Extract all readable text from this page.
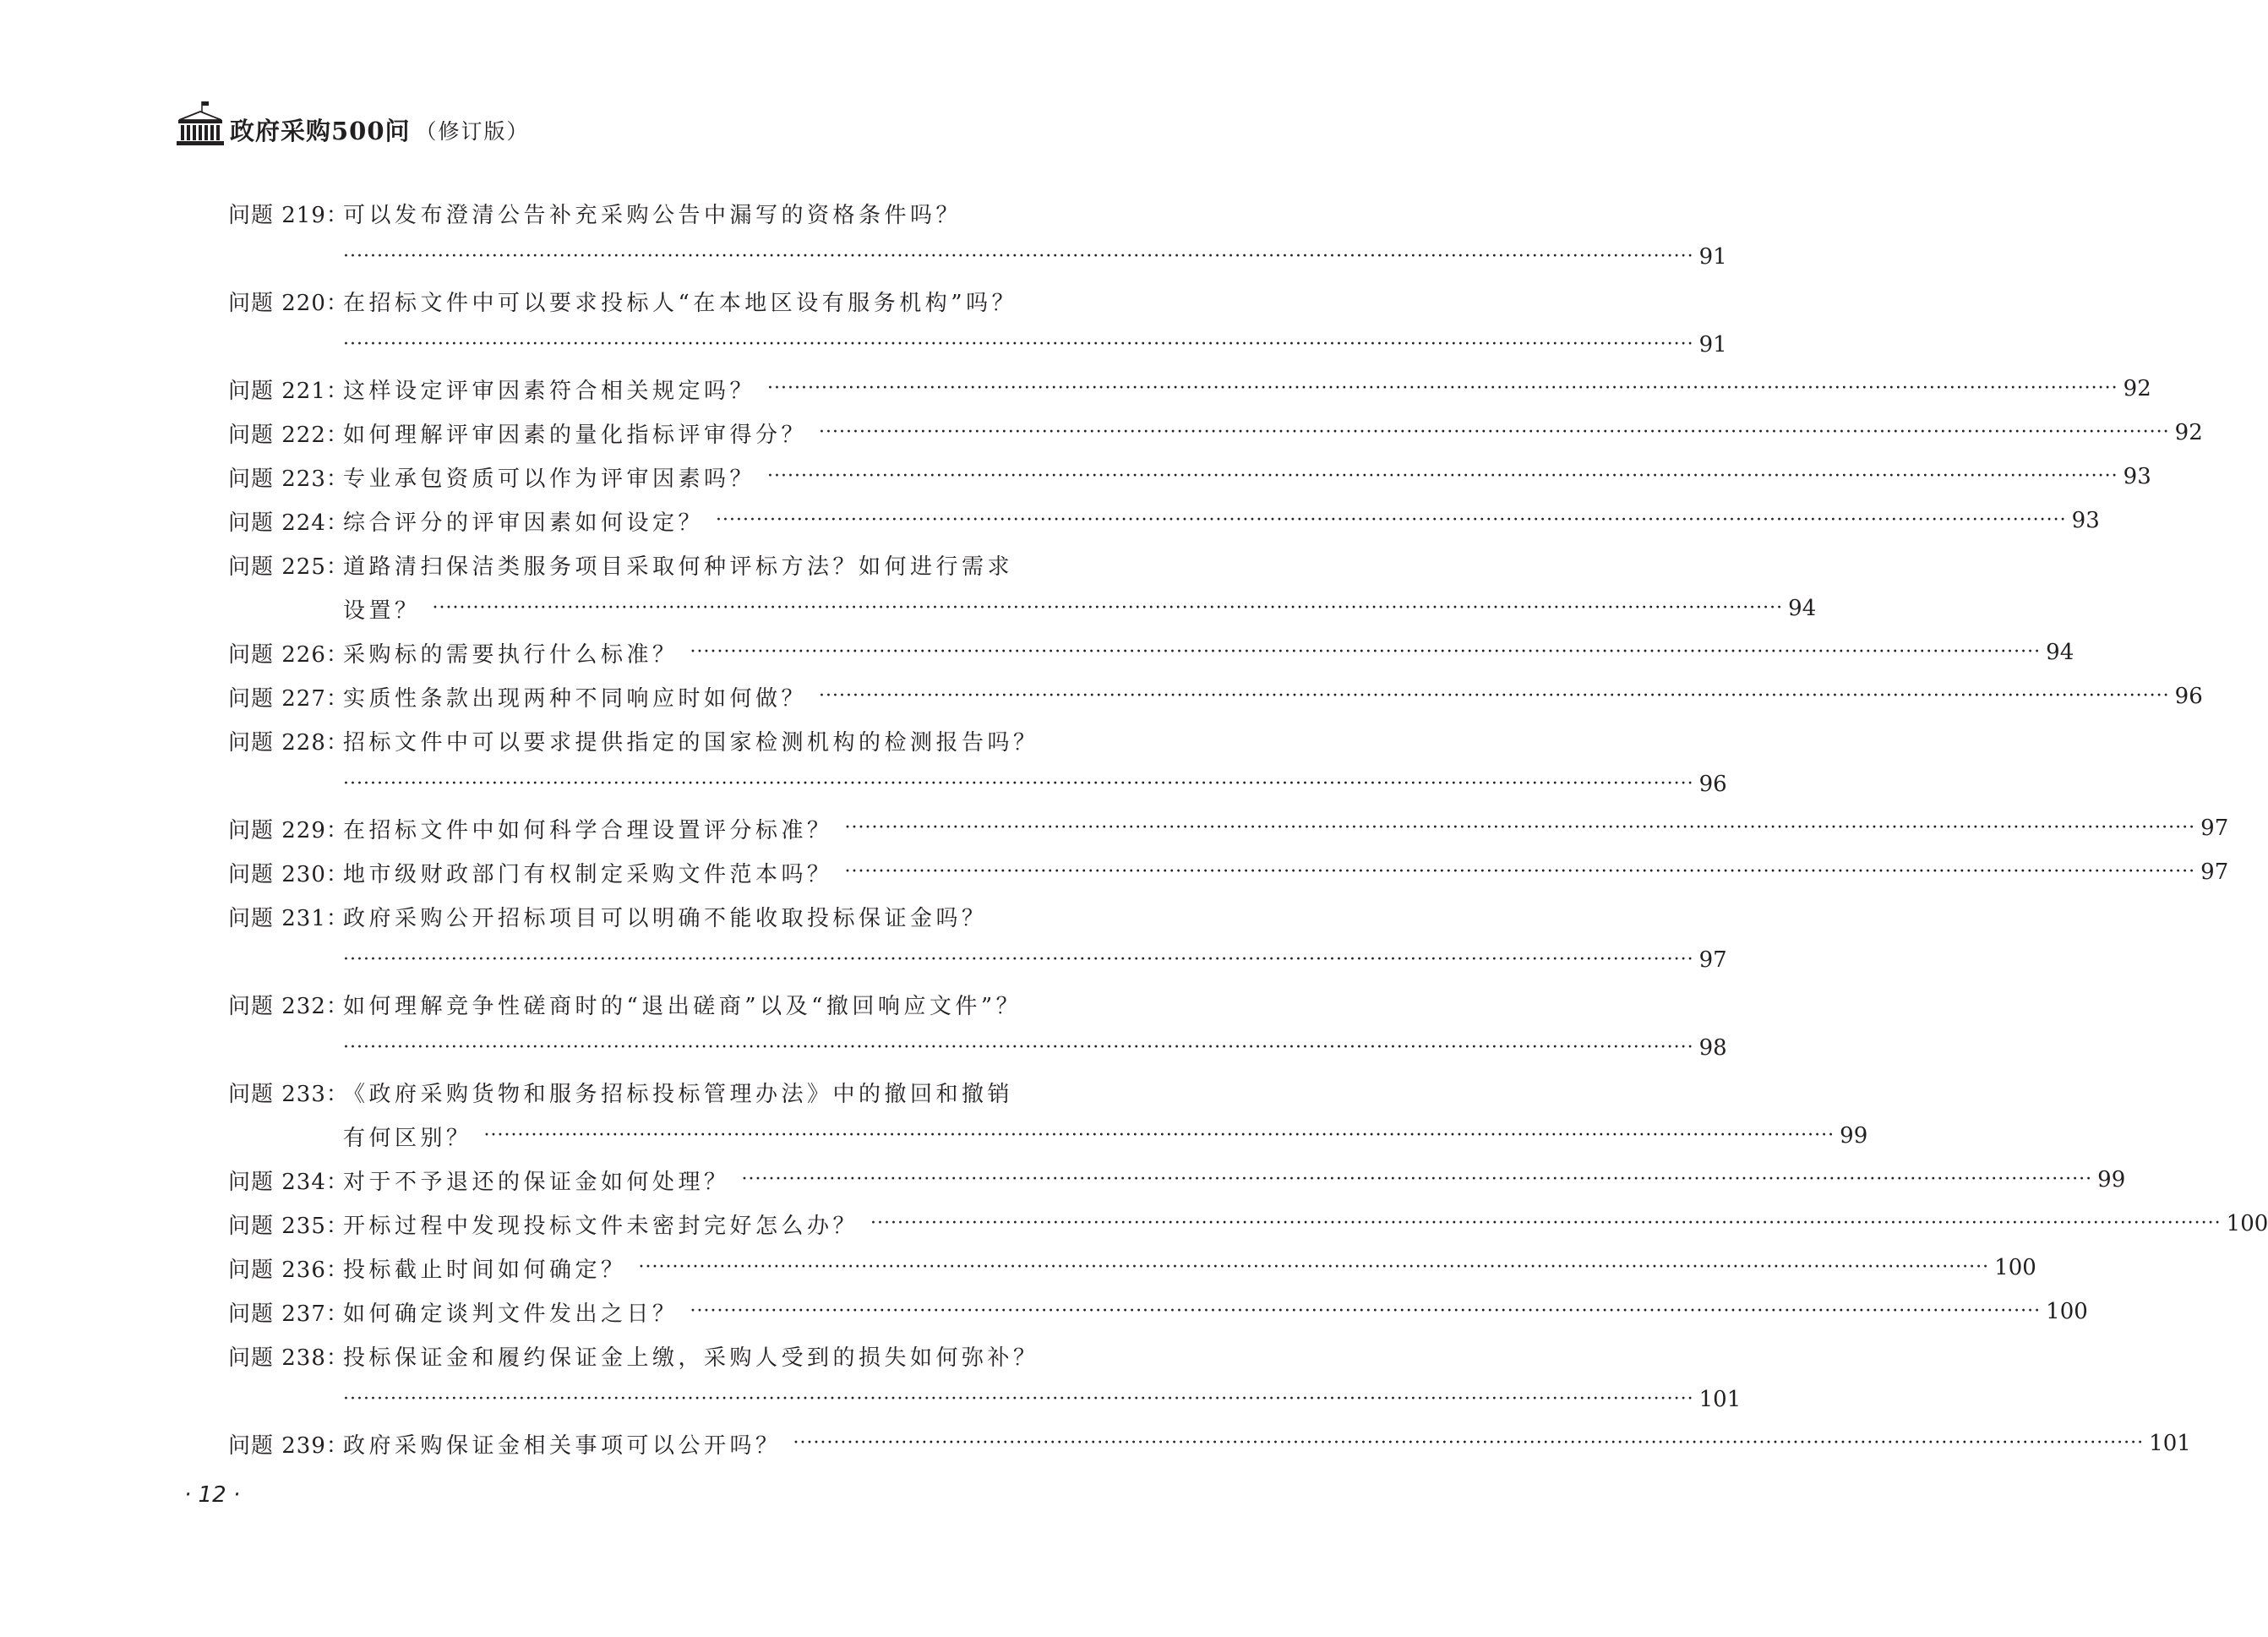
政府采购500问 （修订版）
问题 219：
可以发布澄清公告补充采购公告中漏写的资格条件吗？
········································································································································································································ 91
问题 220：
在招标文件中可以要求投标人“在本地区设有服务机构”吗？
········································································································································································································ 91
问题 221：
这样设定评审因素符合相关规定吗？ ········································································································································································································ 92
问题 222：
如何理解评审因素的量化指标评审得分？ ········································································································································································································ 92
问题 223：
专业承包资质可以作为评审因素吗？ ········································································································································································································ 93
问题 224：
综合评分的评审因素如何设定？ ········································································································································································································ 93
问题 225：
道路清扫保洁类服务项目采取何种评标方法？如何进行需求
设置？ ········································································································································································································ 94
问题 226：
采购标的需要执行什么标准？ ········································································································································································································ 94
问题 227：
实质性条款出现两种不同响应时如何做？ ········································································································································································································ 96
问题 228：
招标文件中可以要求提供指定的国家检测机构的检测报告吗？
········································································································································································································ 96
问题 229：
在招标文件中如何科学合理设置评分标准？ ········································································································································································································ 97
问题 230：
地市级财政部门有权制定采购文件范本吗？ ········································································································································································································ 97
问题 231：
政府采购公开招标项目可以明确不能收取投标保证金吗？
········································································································································································································ 97
问题 232：
如何理解竞争性磋商时的“退出磋商”以及“撤回响应文件”？
········································································································································································································ 98
问题 233：
《政府采购货物和服务招标投标管理办法》中的撤回和撤销
有何区别？ ········································································································································································································ 99
问题 234：
对于不予退还的保证金如何处理？ ········································································································································································································ 99
问题 235：
开标过程中发现投标文件未密封完好怎么办？ ········································································································································································································ 100
问题 236：
投标截止时间如何确定？ ········································································································································································································ 100
问题 237：
如何确定谈判文件发出之日？ ········································································································································································································ 100
问题 238：
投标保证金和履约保证金上缴，采购人受到的损失如何弥补？
········································································································································································································ 101
问题 239：
政府采购保证金相关事项可以公开吗？ ········································································································································································································ 101
· 12 ·
